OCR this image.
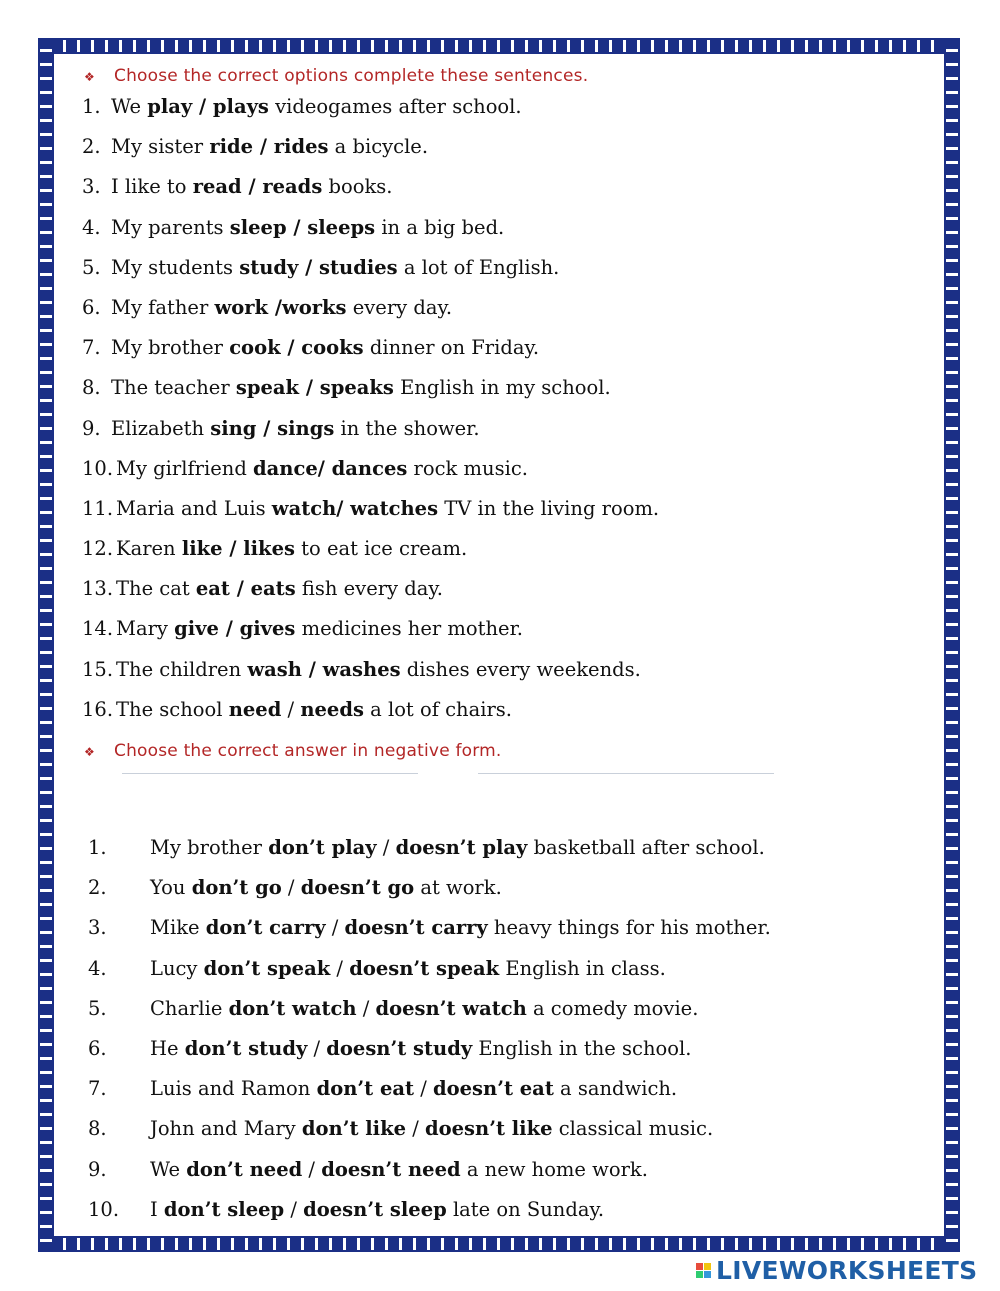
❖ Choose the correct options complete these sentences.
1. We play / plays videogames after school.
2. My sister ride / rides a bicycle.
3. I like to read / reads books.
4. My parents sleep / sleeps in a big bed.
5. My students study / studies a lot of English.
6. My father work /works every day.
7. My brother cook / cooks dinner on Friday.
8. The teacher speak / speaks English in my school.
9. Elizabeth sing / sings in the shower.
10. My girlfriend dance/ dances rock music.
11. Maria and Luis watch/ watches TV in the living room.
12. Karen like / likes to eat ice cream.
13. The cat eat / eats fish every day.
14. Mary give / gives medicines her mother.
15. The children wash / washes dishes every weekends.
16. The school need / needs a lot of chairs.
❖ Choose the correct answer in negative form.
1. My brother don’t play / doesn’t play basketball after school.
2. You don’t go / doesn’t go at work.
3. Mike don’t carry / doesn’t carry heavy things for his mother.
4. Lucy don’t speak / doesn’t speak English in class.
5. Charlie don’t watch / doesn’t watch a comedy movie.
6. He don’t study / doesn’t study English in the school.
7. Luis and Ramon don’t eat / doesn’t eat a sandwich.
8. John and Mary don’t like / doesn’t like classical music.
9. We don’t need / doesn’t need a new home work.
10. I don’t sleep / doesn’t sleep late on Sunday.
LIVEWORKSHEETS
